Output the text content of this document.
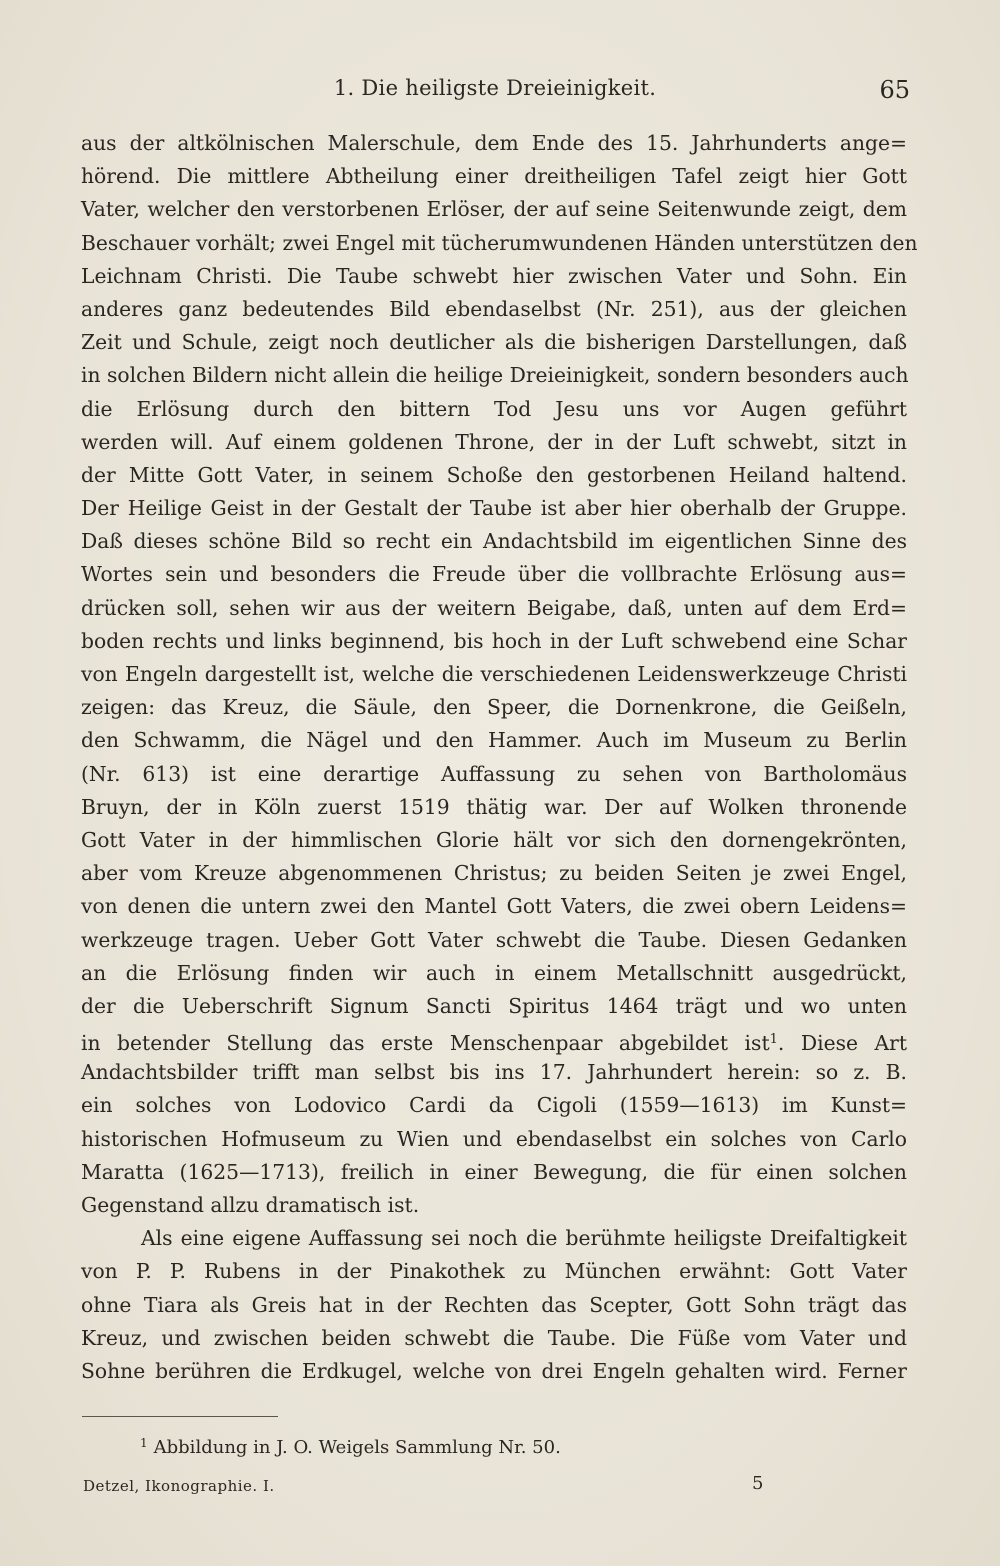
1. Die heiligste Dreieinigkeit.	65
aus der altkölnischen Malerschule, dem Ende des 15. Jahrhunderts ange=
hörend. Die mittlere Abtheilung einer dreitheiligen Tafel zeigt hier Gott
Vater, welcher den verstorbenen Erlöser, der auf seine Seitenwunde zeigt, dem
Beschauer vorhält; zwei Engel mit tücherumwundenen Händen unterstützen den
Leichnam Christi. Die Taube schwebt hier zwischen Vater und Sohn. Ein
anderes ganz bedeutendes Bild ebendaselbst (Nr. 251), aus der gleichen
Zeit und Schule, zeigt noch deutlicher als die bisherigen Darstellungen, daß
in solchen Bildern nicht allein die heilige Dreieinigkeit, sondern besonders auch
die Erlösung durch den bittern Tod Jesu uns vor Augen geführt
werden will. Auf einem goldenen Throne, der in der Luft schwebt, sitzt in
der Mitte Gott Vater, in seinem Schoße den gestorbenen Heiland haltend.
Der Heilige Geist in der Gestalt der Taube ist aber hier oberhalb der Gruppe.
Daß dieses schöne Bild so recht ein Andachtsbild im eigentlichen Sinne des
Wortes sein und besonders die Freude über die vollbrachte Erlösung aus=
drücken soll, sehen wir aus der weitern Beigabe, daß, unten auf dem Erd=
boden rechts und links beginnend, bis hoch in der Luft schwebend eine Schar
von Engeln dargestellt ist, welche die verschiedenen Leidenswerkzeuge Christi
zeigen: das Kreuz, die Säule, den Speer, die Dornenkrone, die Geißeln,
den Schwamm, die Nägel und den Hammer. Auch im Museum zu Berlin
(Nr. 613) ist eine derartige Auffassung zu sehen von Bartholomäus
Bruyn, der in Köln zuerst 1519 thätig war. Der auf Wolken thronende
Gott Vater in der himmlischen Glorie hält vor sich den dornengekrönten,
aber vom Kreuze abgenommenen Christus; zu beiden Seiten je zwei Engel,
von denen die untern zwei den Mantel Gott Vaters, die zwei obern Leidens=
werkzeuge tragen. Ueber Gott Vater schwebt die Taube. Diesen Gedanken
an die Erlösung finden wir auch in einem Metallschnitt ausgedrückt,
der die Ueberschrift Signum Sancti Spiritus 1464 trägt und wo unten
in betender Stellung das erste Menschenpaar abgebildet ist$^1$. Diese Art
Andachtsbilder trifft man selbst bis ins 17. Jahrhundert herein: so z. B.
ein solches von Lodovico Cardi da Cigoli (1559—1613) im Kunst=
historischen Hofmuseum zu Wien und ebendaselbst ein solches von Carlo
Maratta (1625—1713), freilich in einer Bewegung, die für einen solchen
Gegenstand allzu dramatisch ist.
Als eine eigene Auffassung sei noch die berühmte heiligste Dreifaltigkeit
von P. P. Rubens in der Pinakothek zu München erwähnt: Gott Vater
ohne Tiara als Greis hat in der Rechten das Scepter, Gott Sohn trägt das
Kreuz, und zwischen beiden schwebt die Taube. Die Füße vom Vater und
Sohne berühren die Erdkugel, welche von drei Engeln gehalten wird. Ferner
$^1$ Abbildung in J. O. Weigels Sammlung Nr. 50.
Detzel, Ikonographie. I.	5
